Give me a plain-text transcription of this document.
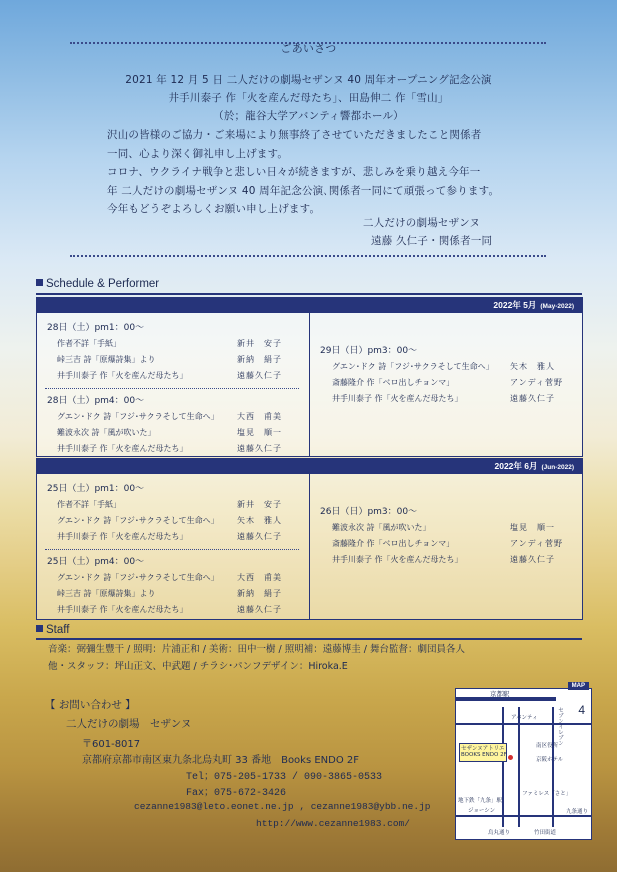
ごあいさつ
2021 年 12 月 5 日 二人だけの劇場セザンヌ 40 周年オープニング記念公演
井手川泰子 作「火を産んだ母たち」、田島伸二 作「雪山」
（於；龍谷大学アバンティ響都ホール）
沢山の皆様のご協力・ご来場により無事終了させていただきましたこと関係者
一同、心より深く御礼申し上げます。
コロナ、ウクライナ戦争と悲しい日々が続きますが、悲しみを乗り越え今年一
年 二人だけの劇場セザンヌ 40 周年記念公演､関係者一同にて頑張って参ります。
今年もどうぞよろしくお願い申し上げます。
二人だけの劇場セザンヌ
遠藤 久仁子・関係者一同
Schedule & Performer
2022年 5月 (May-2022)
28日（土）pm1：00～
作者不詳「手紙」	新井　安子
峠三吉 詩「原爆詩集」より	新納　絹子
井手川泰子 作「火を産んだ母たち」	遠藤久仁子
28日（土）pm4：00～
グエン･ドク 詩「フジ･サクラそして生命へ」 大西　甫美
難波永次 詩「風が吹いた」	塩見　順一
井手川泰子 作「火を産んだ母たち」	遠藤久仁子
29日（日）pm3：00～
グエン･ドク 詩「フジ･サクラそして生命へ」 矢木　雅人
斎藤隆介 作「ベロ出しチョンマ」	アンディ菅野
井手川泰子 作「火を産んだ母たち」	遠藤久仁子
2022年 6月 (Jun-2022)
25日（土）pm1：00～
作者不詳「手紙」	新井　安子
グエン･ドク 詩「フジ･サクラそして生命へ」 矢木　雅人
井手川泰子 作「火を産んだ母たち」	遠藤久仁子
25日（土）pm4：00～
グエン･ドク 詩「フジ･サクラそして生命へ」 大西　甫美
峠三吉 詩「原爆詩集」より	新納　絹子
井手川泰子 作「火を産んだ母たち」	遠藤久仁子
26日（日）pm3：00～
難波永次 詩「風が吹いた」	塩見　順一
斎藤隆介 作「ベロ出しチョンマ」	アンディ菅野
井手川泰子 作「火を産んだ母たち」	遠藤久仁子
Staff
音楽：弼彌生豐干 / 照明：片浦正和 / 美術：田中一樹 / 照明補：遠藤博圭 / 舞台監督：劇団員各人
他・スタッフ：坪山正文、中武題 / チラシ･パンフデザイン：Hiroka.E
【 お問い合わせ 】
二人だけの劇場　セザンヌ
〒601-8017
京都府京都市南区東九条北烏丸町 33 番地　Books ENDO 2F
Tel；075-205-1733 / 090-3865-0533
Fax；075-672-3426
cezanne1983@leto.eonet.ne.jp , cezanne1983@ybb.ne.jp
http://www.cezanne1983.com/
MAP
4
京都駅
アバンティ	セブンイレブン
セザンヌアトリエ
BOOKS ENDO 2F
南区役所
京阪ホテル
地下鉄「九条」駅
ファミレス「さと」
ジョーシン	九条通り
烏丸通り	竹田街道
